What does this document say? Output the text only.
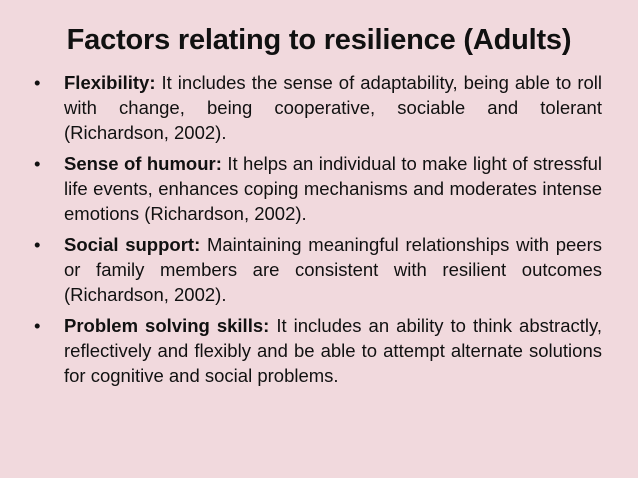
Factors relating to resilience (Adults)
•	Flexibility: It includes the sense of adaptability, being able to roll with change, being cooperative, sociable and tolerant (Richardson, 2002).
•	Sense of humour: It helps an individual to make light of stressful life events, enhances coping mechanisms and moderates intense emotions (Richardson, 2002).
•	Social support: Maintaining meaningful relationships with peers or family members are consistent with resilient outcomes (Richardson, 2002).
•	Problem solving skills: It includes an ability to think abstractly, reflectively and flexibly and be able to attempt alternate solutions for cognitive and social problems.
